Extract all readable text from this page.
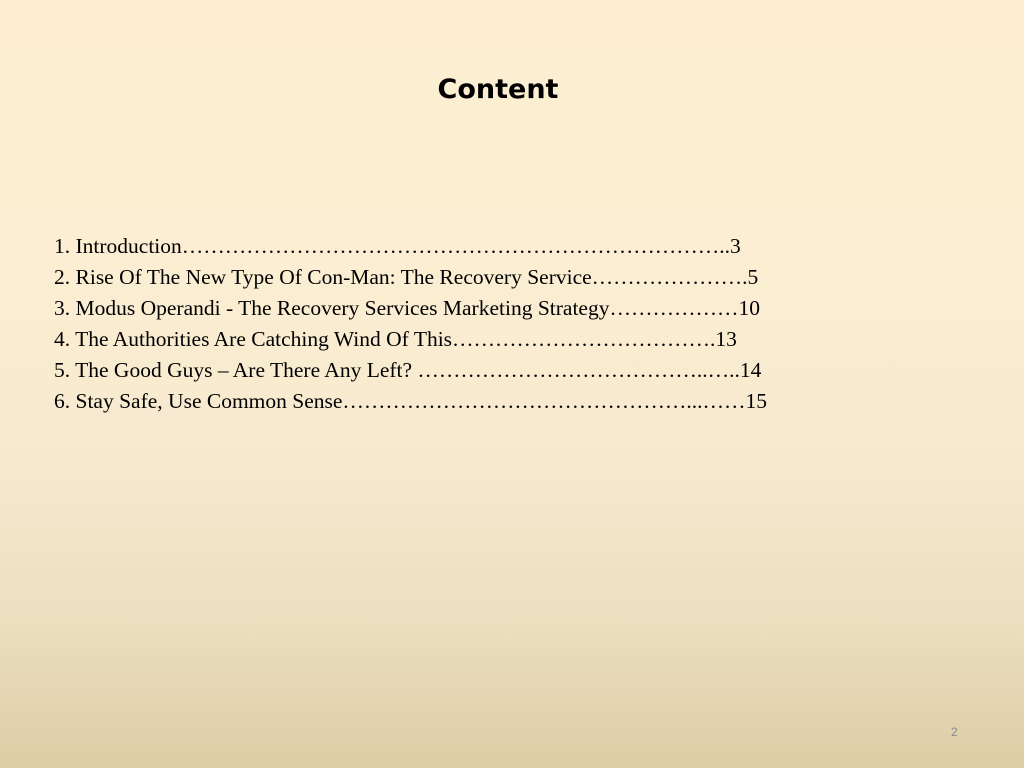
Content
1. Introduction…………………………………………………………………..3
2. Rise Of The New Type Of Con-Man: The Recovery Service………………….5
3. Modus Operandi - The Recovery Services Marketing Strategy………………10
4. The Authorities Are Catching Wind Of This……………………………….13
5. The Good Guys – Are There Any Left? …………………………………..…..14
6. Stay Safe, Use Common Sense…………………………………………...……15
2
